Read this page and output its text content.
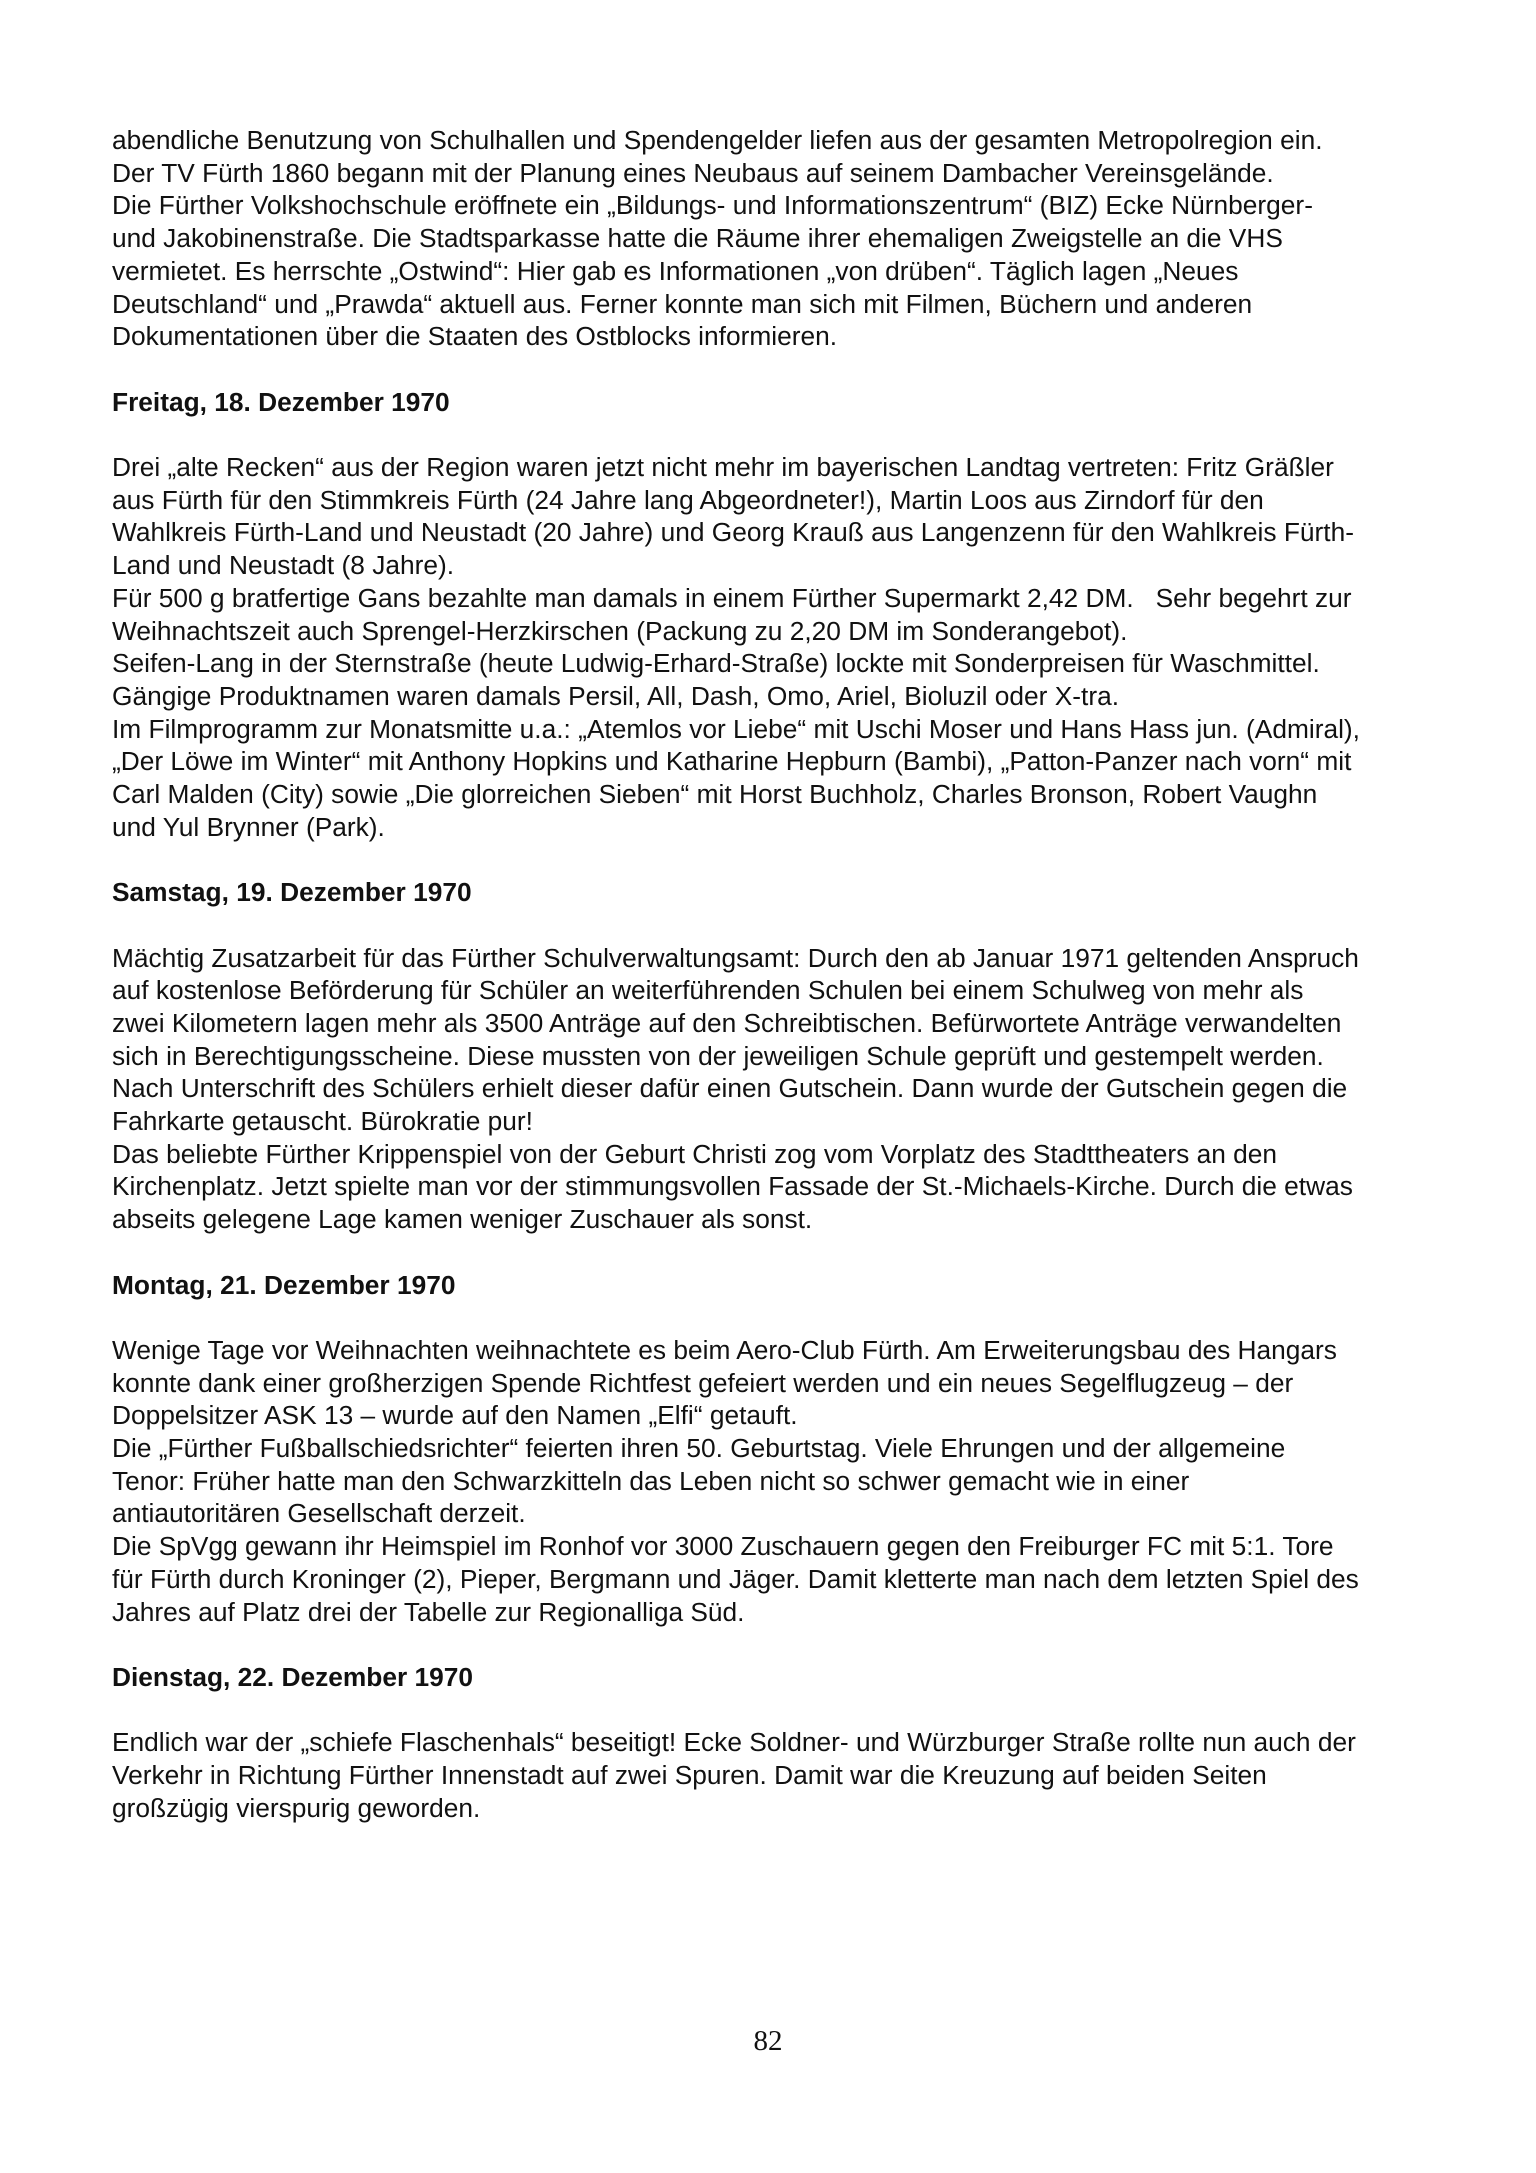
abendliche Benutzung von Schulhallen und Spendengelder liefen aus der gesamten Metropolregion ein. Der TV Fürth 1860 begann mit der Planung eines Neubaus auf seinem Dambacher Vereinsgelände.

Die Fürther Volkshochschule eröffnete ein „Bildungs- und Informationszentrum“ (BIZ) Ecke Nürnberger- und Jakobinenstraße. Die Stadtsparkasse hatte die Räume ihrer ehemaligen Zweigstelle an die VHS vermietet. Es herrschte „Ostwind“: Hier gab es Informationen „von drüben“. Täglich lagen „Neues Deutschland“ und „Prawda“ aktuell aus. Ferner konnte man sich mit Filmen, Büchern und anderen Dokumentationen über die Staaten des Ostblocks informieren.

Freitag, 18. Dezember 1970

Drei „alte Recken“ aus der Region waren jetzt nicht mehr im bayerischen Landtag vertreten: Fritz Gräßler aus Fürth für den Stimmkreis Fürth (24 Jahre lang Abgeordneter!), Martin Loos aus Zirndorf für den Wahlkreis Fürth-Land und Neustadt (20 Jahre) und Georg Krauß aus Langenzenn für den Wahlkreis Fürth-Land und Neustadt (8 Jahre).

Für 500 g bratfertige Gans bezahlte man damals in einem Fürther Supermarkt 2,42 DM.   Sehr begehrt zur Weihnachtszeit auch Sprengel-Herzkirschen (Packung zu 2,20 DM im Sonderangebot).

Seifen-Lang in der Sternstraße (heute Ludwig-Erhard-Straße) lockte mit Sonderpreisen für Waschmittel. Gängige Produktnamen waren damals Persil, All, Dash, Omo, Ariel, Bioluzil oder X-tra.

Im Filmprogramm zur Monatsmitte u.a.: „Atemlos vor Liebe“ mit Uschi Moser und Hans Hass jun. (Admiral), „Der Löwe im Winter“ mit Anthony Hopkins und Katharine Hepburn (Bambi), „Patton-Panzer nach vorn“ mit Carl Malden (City) sowie „Die glorreichen Sieben“ mit Horst Buchholz, Charles Bronson, Robert Vaughn und Yul Brynner (Park).

Samstag, 19. Dezember 1970

Mächtig Zusatzarbeit für das Fürther Schulverwaltungsamt: Durch den ab Januar 1971 geltenden Anspruch auf kostenlose Beförderung für Schüler an weiterführenden Schulen bei einem Schulweg von mehr als zwei Kilometern lagen mehr als 3500 Anträge auf den Schreibtischen. Befürwortete Anträge verwandelten sich in Berechtigungsscheine. Diese mussten von der jeweiligen Schule geprüft und gestempelt werden. Nach Unterschrift des Schülers erhielt dieser dafür einen Gutschein. Dann wurde der Gutschein gegen die Fahrkarte getauscht. Bürokratie pur!

Das beliebte Fürther Krippenspiel von der Geburt Christi zog vom Vorplatz des Stadttheaters an den Kirchenplatz. Jetzt spielte man vor der stimmungsvollen Fassade der St.-Michaels-Kirche. Durch die etwas abseits gelegene Lage kamen weniger Zuschauer als sonst.

Montag, 21. Dezember 1970

Wenige Tage vor Weihnachten weihnachtete es beim Aero-Club Fürth. Am Erweiterungsbau des Hangars konnte dank einer großherzigen Spende Richtfest gefeiert werden und ein neues Segelflugzeug – der Doppelsitzer ASK 13 – wurde auf den Namen „Elfi“ getauft.

Die „Fürther Fußballschiedsrichter“ feierten ihren 50. Geburtstag. Viele Ehrungen und der allgemeine Tenor: Früher hatte man den Schwarzkitteln das Leben nicht so schwer gemacht wie in einer antiautoritären Gesellschaft derzeit.

Die SpVgg gewann ihr Heimspiel im Ronhof vor 3000 Zuschauern gegen den Freiburger FC mit 5:1. Tore für Fürth durch Kroninger (2), Pieper, Bergmann und Jäger. Damit kletterte man nach dem letzten Spiel des Jahres auf Platz drei der Tabelle zur Regionalliga Süd.

Dienstag, 22. Dezember 1970

Endlich war der „schiefe Flaschenhals“ beseitigt! Ecke Soldner- und Würzburger Straße rollte nun auch der Verkehr in Richtung Fürther Innenstadt auf zwei Spuren. Damit war die Kreuzung auf beiden Seiten großzügig vierspurig geworden.

82
